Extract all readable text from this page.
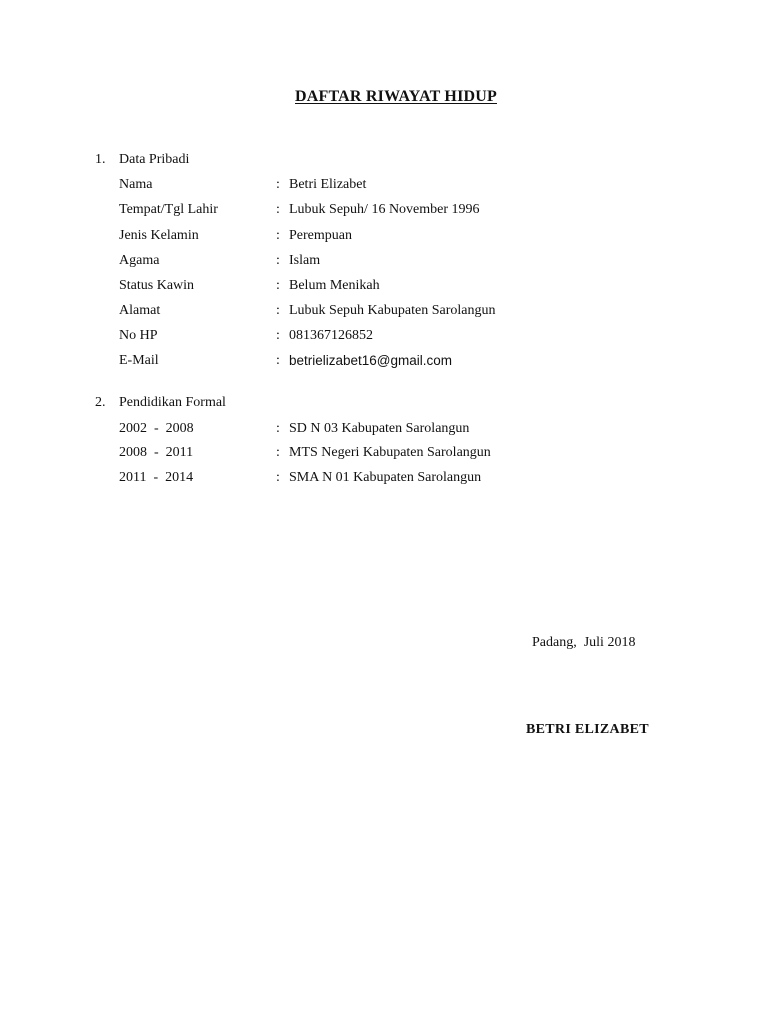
DAFTAR RIWAYAT HIDUP
1. Data Pribadi
Nama	: Betri Elizabet
Tempat/Tgl Lahir	: Lubuk Sepuh/ 16 November 1996
Jenis Kelamin	: Perempuan
Agama	: Islam
Status Kawin	: Belum Menikah
Alamat	: Lubuk Sepuh Kabupaten Sarolangun
No HP	: 081367126852
E-Mail	: betrielizabet16@gmail.com
2. Pendidikan Formal
2002  -  2008	: SD N 03 Kabupaten Sarolangun
2008  -  2011	: MTS Negeri Kabupaten Sarolangun
2011  -  2014	: SMA N 01 Kabupaten Sarolangun
Padang,  Juli 2018
BETRI ELIZABET
